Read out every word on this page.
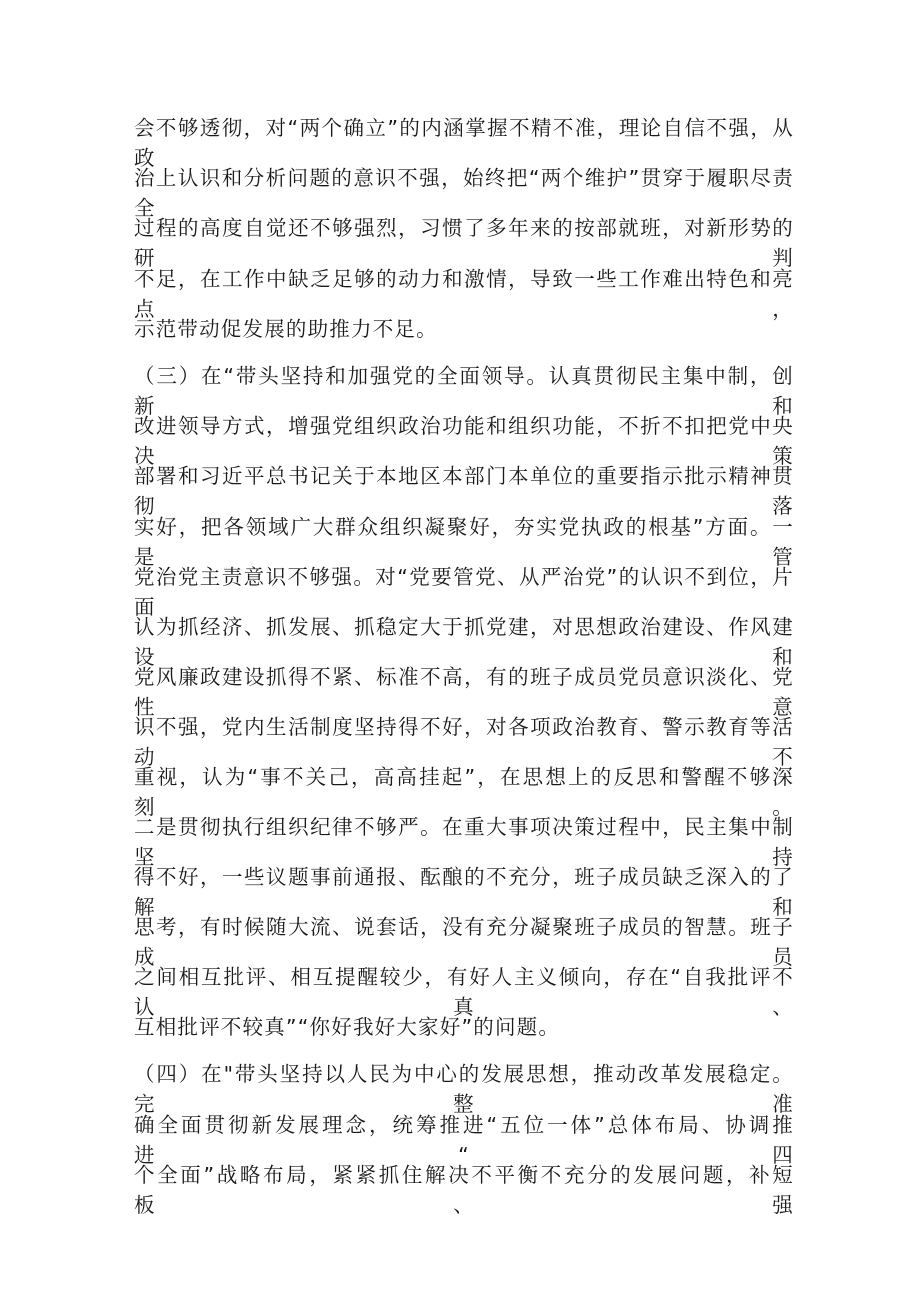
会不够透彻，对“两个确立”的内涵掌握不精不准，理论自信不强，从政
治上认识和分析问题的意识不强，始终把“两个维护”贯穿于履职尽责全
过程的高度自觉还不够强烈，习惯了多年来的按部就班，对新形势的研判
不足，在工作中缺乏足够的动力和激情，导致一些工作难出特色和亮点，
示范带动促发展的助推力不足。
（三）在“带头坚持和加强党的全面领导。认真贯彻民主集中制，创新和
改进领导方式，增强党组织政治功能和组织功能，不折不扣把党中央决策
部署和习近平总书记关于本地区本部门本单位的重要指示批示精神贯彻落
实好，把各领域广大群众组织凝聚好，夯实党执政的根基”方面。一是管
党治党主责意识不够强。对“党要管党、从严治党”的认识不到位，片面
认为抓经济、抓发展、抓稳定大于抓党建，对思想政治建设、作风建设和
党风廉政建设抓得不紧、标准不高，有的班子成员党员意识淡化、党性意
识不强，党内生活制度坚持得不好，对各项政治教育、警示教育等活动不
重视，认为“事不关己，高高挂起”，在思想上的反思和警醒不够深刻。
二是贯彻执行组织纪律不够严。在重大事项决策过程中，民主集中制坚持
得不好，一些议题事前通报、酝酿的不充分，班子成员缺乏深入的了解和
思考，有时候随大流、说套话，没有充分凝聚班子成员的智慧。班子成员
之间相互批评、相互提醒较少，有好人主义倾向，存在“自我批评不认真、
互相批评不较真”“你好我好大家好”的问题。
（四）在"带头坚持以人民为中心的发展思想，推动改革发展稳定。完整准
确全面贯彻新发展理念，统筹推进“五位一体”总体布局、协调推进“四
个全面”战略布局，紧紧抓住解决不平衡不充分的发展问题，补短板、强
